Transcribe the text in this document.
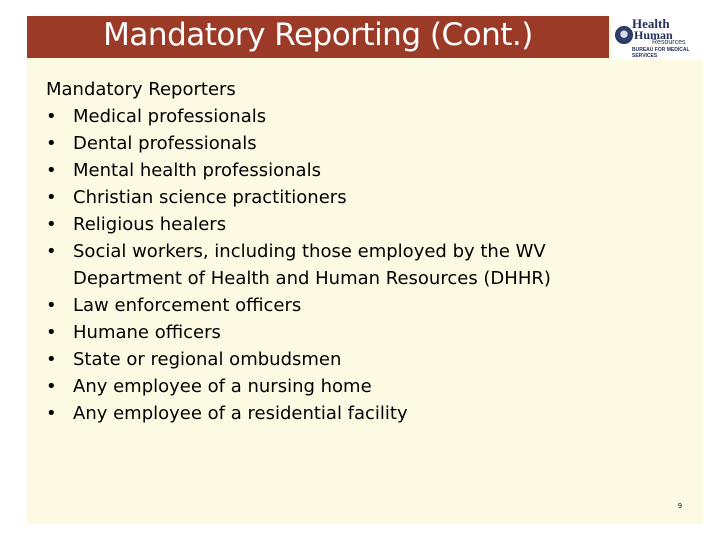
Mandatory Reporting (Cont.)	Health
Human
Resources
BUREAU FOR MEDICAL SERVICES

Mandatory Reporters

• Medical professionals
• Dental professionals
• Mental health professionals
• Christian science practitioners
• Religious healers
• Social workers, including those employed by the WV Department of Health and Human Resources (DHHR)
• Law enforcement officers
• Humane officers
• State or regional ombudsmen
• Any employee of a nursing home
• Any employee of a residential facility
9
